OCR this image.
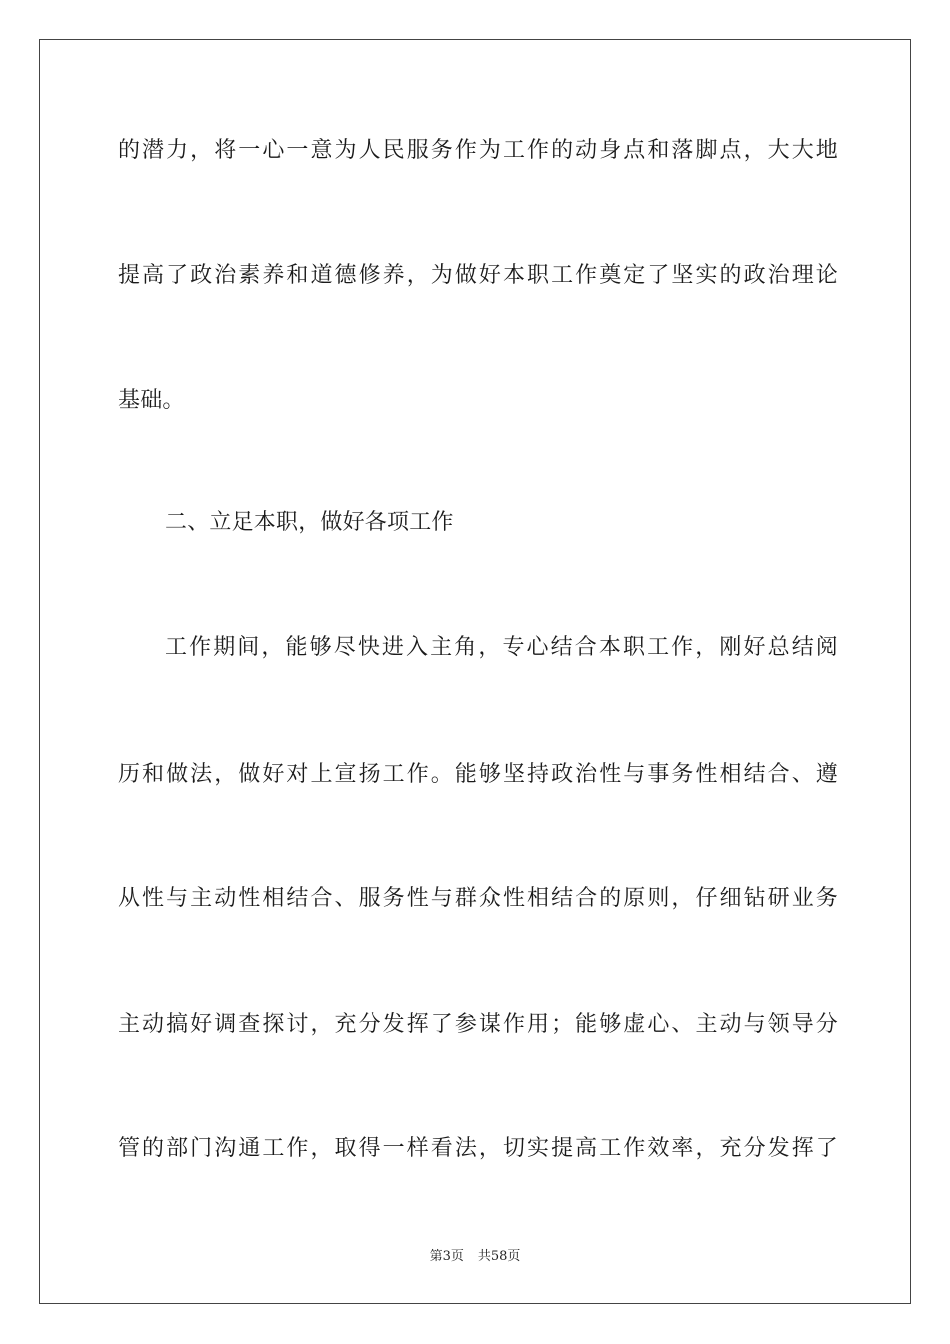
的潜力，将一心一意为人民服务作为工作的动身点和落脚点，大大地
提高了政治素养和道德修养，为做好本职工作奠定了坚实的政治理论
基础。
二、立足本职，做好各项工作
工作期间，能够尽快进入主角，专心结合本职工作，刚好总结阅
历和做法，做好对上宣扬工作。能够坚持政治性与事务性相结合、遵
从性与主动性相结合、服务性与群众性相结合的原则，仔细钻研业务
主动搞好调查探讨，充分发挥了参谋作用；能够虚心、主动与领导分
管的部门沟通工作，取得一样看法，切实提高工作效率，充分发挥了
第3页 共58页
